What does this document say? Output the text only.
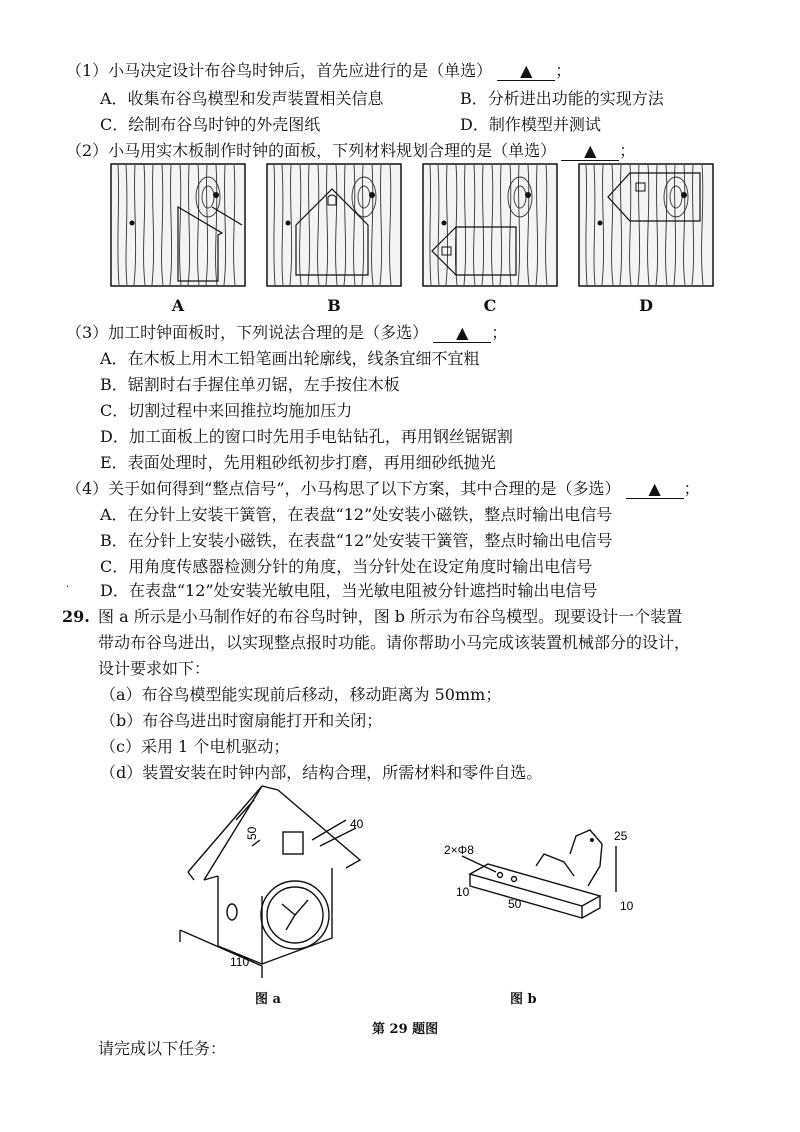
（1）小马决定设计布谷鸟时钟后，首先应进行的是（单选） ▲ ；
A．收集布谷鸟模型和发声装置相关信息	B．分析进出功能的实现方法
C．绘制布谷鸟时钟的外壳图纸	D．制作模型并测试
（2）小马用实木板制作时钟的面板，下列材料规划合理的是（单选） ▲ ；
A	B	C	D
（3）加工时钟面板时，下列说法合理的是（多选） ▲ ；
A．在木板上用木工铅笔画出轮廓线，线条宜细不宜粗
B．锯割时右手握住单刃锯，左手按住木板
C．切割过程中来回推拉均施加压力
D．加工面板上的窗口时先用手电钻钻孔，再用钢丝锯锯割
E．表面处理时，先用粗砂纸初步打磨，再用细砂纸抛光
（4）关于如何得到“整点信号”，小马构思了以下方案，其中合理的是（多选） ▲ ；
A．在分针上安装干簧管，在表盘“12”处安装小磁铁，整点时输出电信号
B．在分针上安装小磁铁，在表盘“12”处安装干簧管，整点时输出电信号
C．用角度传感器检测分针的角度，当分针处在设定角度时输出电信号
· D．在表盘“12”处安装光敏电阻，当光敏电阻被分针遮挡时输出电信号
29. 图 a 所示是小马制作好的布谷鸟时钟，图 b 所示为布谷鸟模型。现要设计一个装置
带动布谷鸟进出，以实现整点报时功能。请你帮助小马完成该装置机械部分的设计，
设计要求如下：
（a）布谷鸟模型能实现前后移动，移动距离为 50mm；
（b）布谷鸟进出时窗扇能打开和关闭；
（c）采用 1 个电机驱动；
（d）装置安装在时钟内部，结构合理，所需材料和零件自选。
50
40
110
图 a
2×Φ8
25
10
50	10
图 b
第 29 题图
请完成以下任务：
